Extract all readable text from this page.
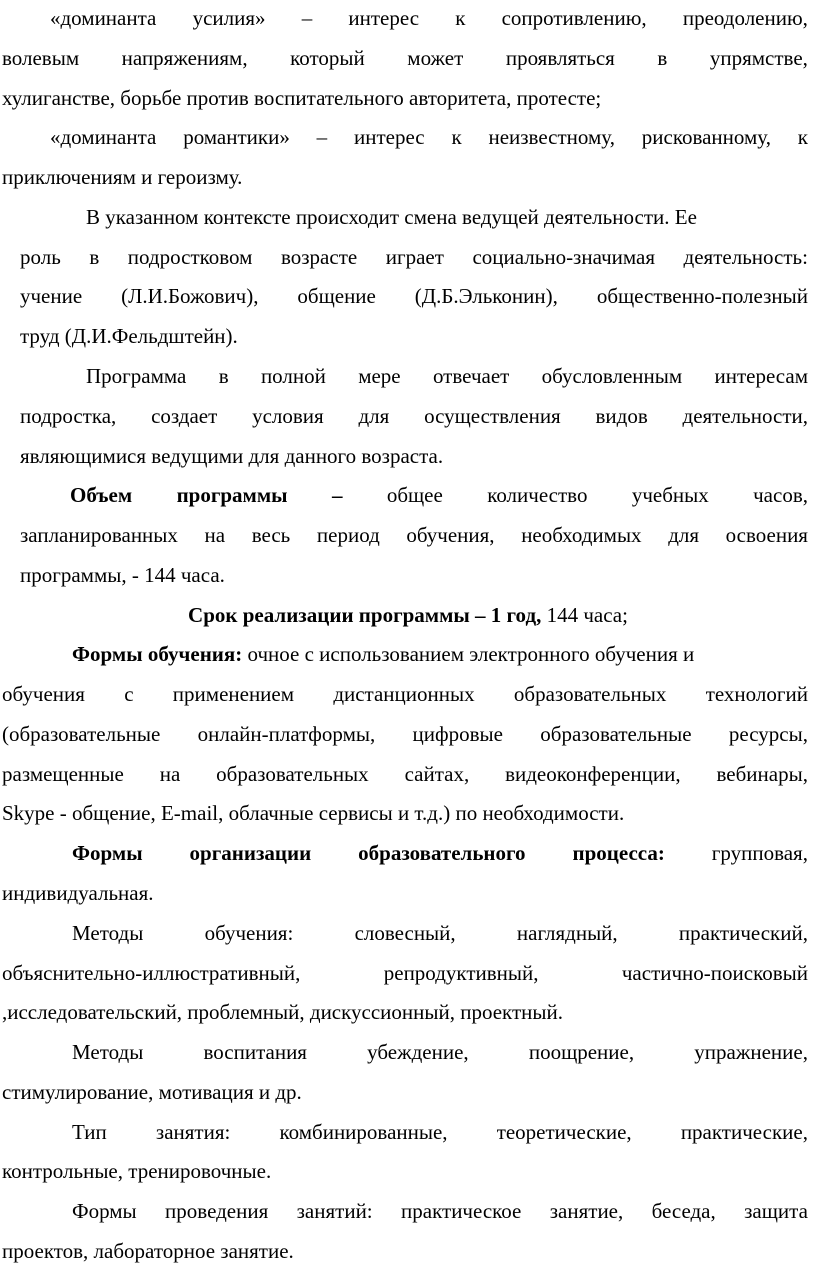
«доминанта усилия» – интерес к сопротивлению, преодолению,
волевым напряжениям, который может проявляться в упрямстве,
хулиганстве, борьбе против воспитательного авторитета, протесте;
«доминанта романтики» – интерес к неизвестному, рискованному, к
приключениям и героизму.
В указанном контексте происходит смена ведущей деятельности. Ее
роль в подростковом возрасте играет социально-значимая деятельность:
учение (Л.И.Божович), общение (Д.Б.Эльконин), общественно-полезный
труд (Д.И.Фельдштейн).
Программа в полной мере отвечает обусловленным интересам
подростка, создает условия для осуществления видов деятельности,
являющимися ведущими для данного возраста.
Объем программы – общее количество учебных часов,
запланированных на весь период обучения, необходимых для освоения
программы, - 144 часа.
Срок реализации программы – 1 год, 144 часа;
Формы обучения: очное с использованием электронного обучения и
обучения с применением дистанционных образовательных технологий
(образовательные онлайн-платформы, цифровые образовательные ресурсы,
размещенные на образовательных сайтах, видеоконференции, вебинары,
Skype - общение, E-mail, облачные сервисы и т.д.) по необходимости.
Формы организации образовательного процесса: групповая,
индивидуальная.
Методы	обучения:	словесный,	наглядный,	практический,
объяснительно-иллюстративный,	репродуктивный,	частично-поисковый
,исследовательский, проблемный, дискуссионный, проектный.
Методы	воспитания	убеждение,	поощрение,	упражнение,
стимулирование, мотивация и др.
Тип занятия: комбинированные, теоретические, практические,
контрольные, тренировочные.
Формы проведения занятий: практическое занятие, беседа, защита
проектов, лабораторное занятие.
